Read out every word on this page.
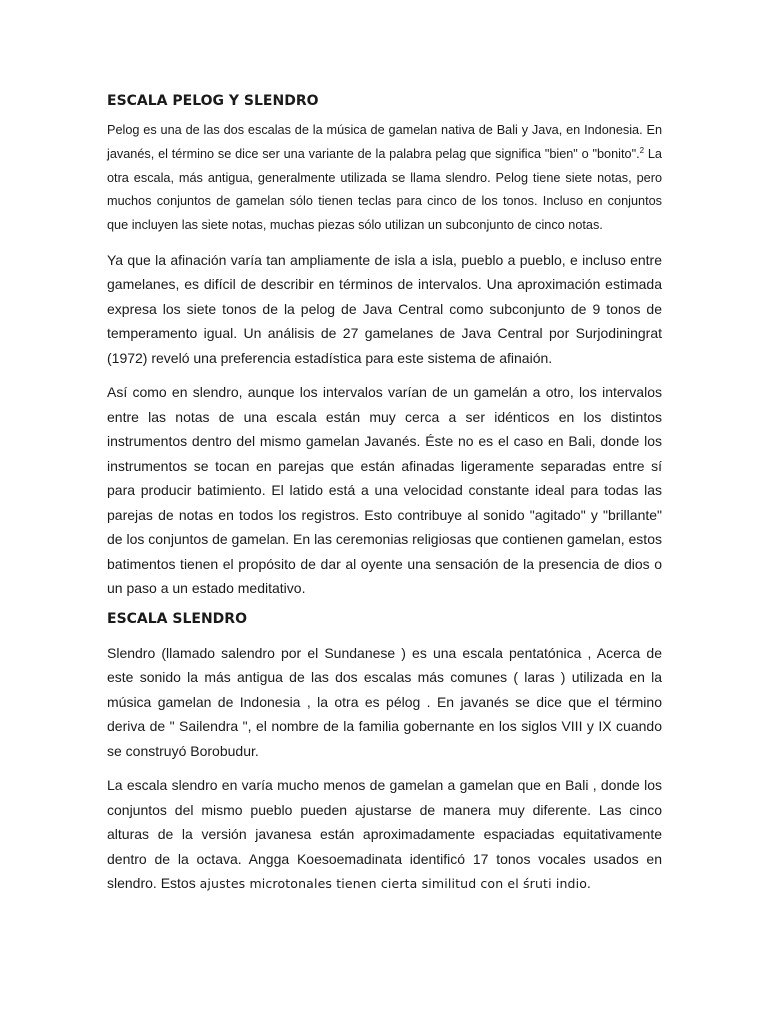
ESCALA PELOG Y SLENDRO

Pelog es una de las dos escalas de la música de gamelan nativa de Bali y Java, en Indonesia. En javanés, el término se dice ser una variante de la palabra pelag que significa "bien" o "bonito".$^2$ La otra escala, más antigua, generalmente utilizada se llama slendro. Pelog tiene siete notas, pero muchos conjuntos de gamelan sólo tienen teclas para cinco de los tonos. Incluso en conjuntos que incluyen las siete notas, muchas piezas sólo utilizan un subconjunto de cinco notas.

Ya que la afinación varía tan ampliamente de isla a isla, pueblo a pueblo, e incluso entre gamelanes, es difícil de describir en términos de intervalos. Una aproximación estimada expresa los siete tonos de la pelog de Java Central como subconjunto de 9 tonos de temperamento igual. Un análisis de 27 gamelanes de Java Central por Surjodiningrat (1972) reveló una preferencia estadística para este sistema de afinaión.

Así como en slendro, aunque los intervalos varían de un gamelán a otro, los intervalos entre las notas de una escala están muy cerca a ser idénticos en los distintos instrumentos dentro del mismo gamelan Javanés. Éste no es el caso en Bali, donde los instrumentos se tocan en parejas que están afinadas ligeramente separadas entre sí para producir batimiento. El latido está a una velocidad constante ideal para todas las parejas de notas en todos los registros. Esto contribuye al sonido "agitado" y "brillante" de los conjuntos de gamelan. En las ceremonias religiosas que contienen gamelan, estos batimentos tienen el propósito de dar al oyente una sensación de la presencia de dios o un paso a un estado meditativo.

ESCALA SLENDRO

Slendro (llamado salendro por el Sundanese ) es una escala pentatónica , Acerca de este sonido la más antigua de las dos escalas más comunes ( laras ) utilizada en la música gamelan de Indonesia , la otra es pélog . En javanés se dice que el término deriva de " Sailendra ", el nombre de la familia gobernante en los siglos VIII y IX cuando se construyó Borobudur.

La escala slendro en varía mucho menos de gamelan a gamelan que en Bali , donde los conjuntos del mismo pueblo pueden ajustarse de manera muy diferente. Las cinco alturas de la versión javanesa están aproximadamente espaciadas equitativamente dentro de la octava. Angga Koesoemadinata identificó 17 tonos vocales usados en slendro. Estos ajustes microtonales tienen cierta similitud con el śruti indio.
